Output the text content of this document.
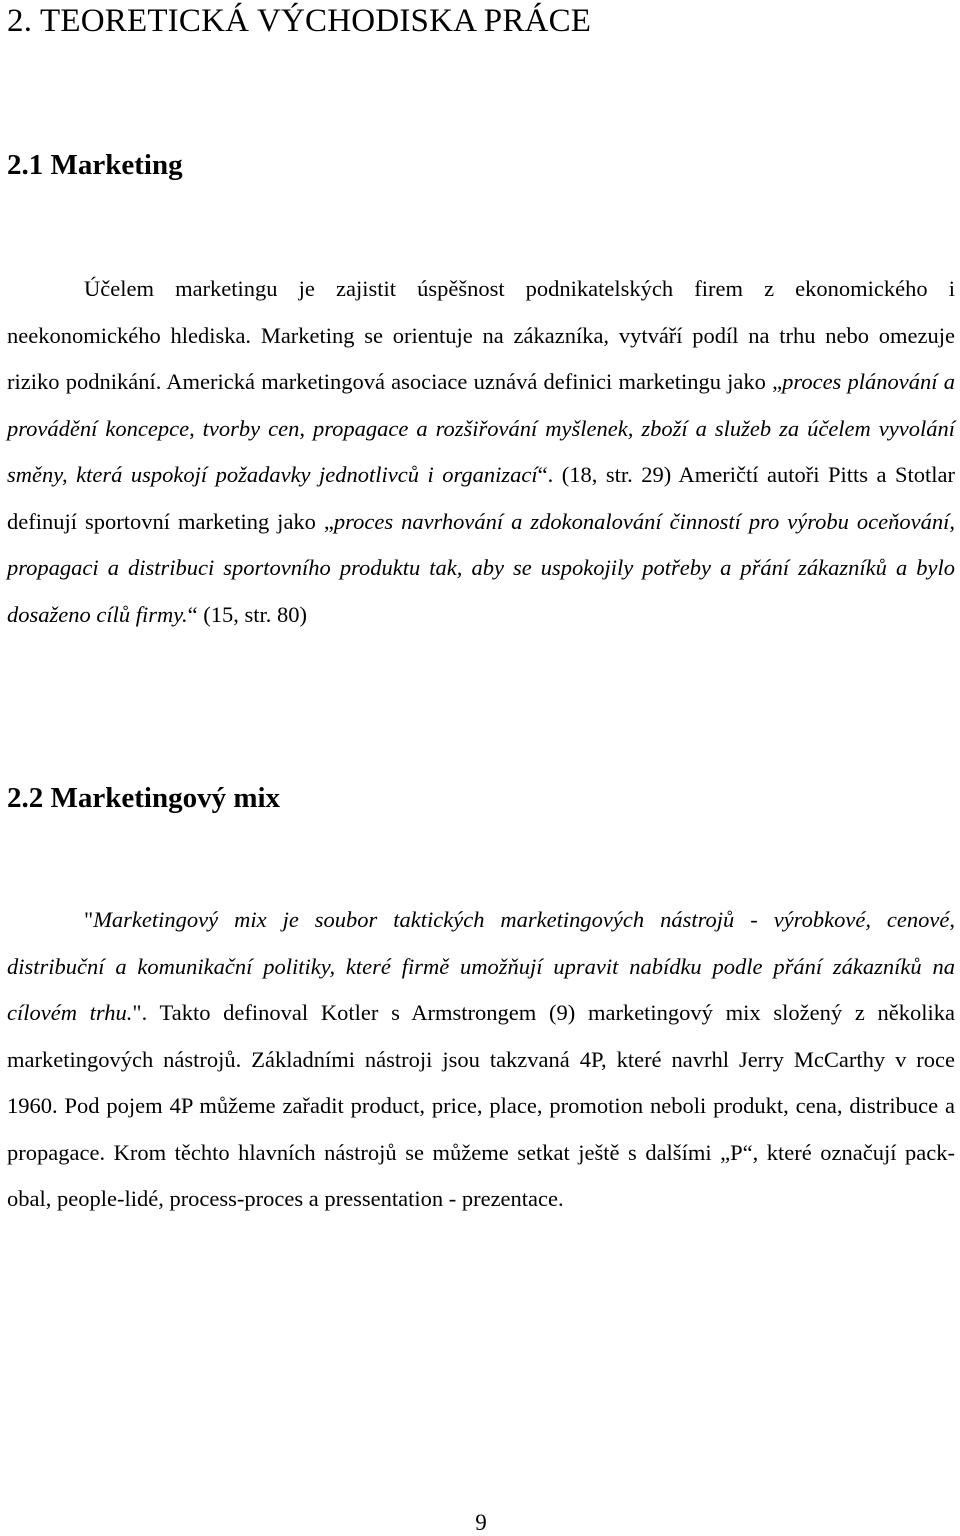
2. TEORETICKÁ VÝCHODISKA PRÁCE
2.1 Marketing

Účelem marketingu je zajistit úspěšnost podnikatelských firem z ekonomického i neekonomického hlediska. Marketing se orientuje na zákazníka, vytváří podíl na trhu nebo omezuje riziko podnikání. Americká marketingová asociace uznává definici marketingu jako „proces plánování a provádění koncepce, tvorby cen, propagace a rozšiřování myšlenek, zboží a služeb za účelem vyvolání směny, která uspokojí požadavky jednotlivců i organizací“. (18, str. 29) Američtí autoři Pitts a Stotlar definují sportovní marketing jako „proces navrhování a zdokonalování činností pro výrobu oceňování, propagaci a distribuci sportovního produktu tak, aby se uspokojily potřeby a přání zákazníků a bylo dosaženo cílů firmy.“ (15, str. 80)

2.2 Marketingový mix

"Marketingový mix je soubor taktických marketingových nástrojů - výrobkové, cenové, distribuční a komunikační politiky, které firmě umožňují upravit nabídku podle přání zákazníků na cílovém trhu.". Takto definoval Kotler s Armstrongem (9) marketingový mix složený z několika marketingových nástrojů. Základními nástroji jsou takzvaná 4P, které navrhl Jerry McCarthy v roce 1960. Pod pojem 4P můžeme zařadit product, price, place, promotion neboli produkt, cena, distribuce a propagace. Krom těchto hlavních nástrojů se můžeme setkat ještě s dalšími „P“, které označují pack-obal, people-lidé, process-proces a pressentation - prezentace.

9
